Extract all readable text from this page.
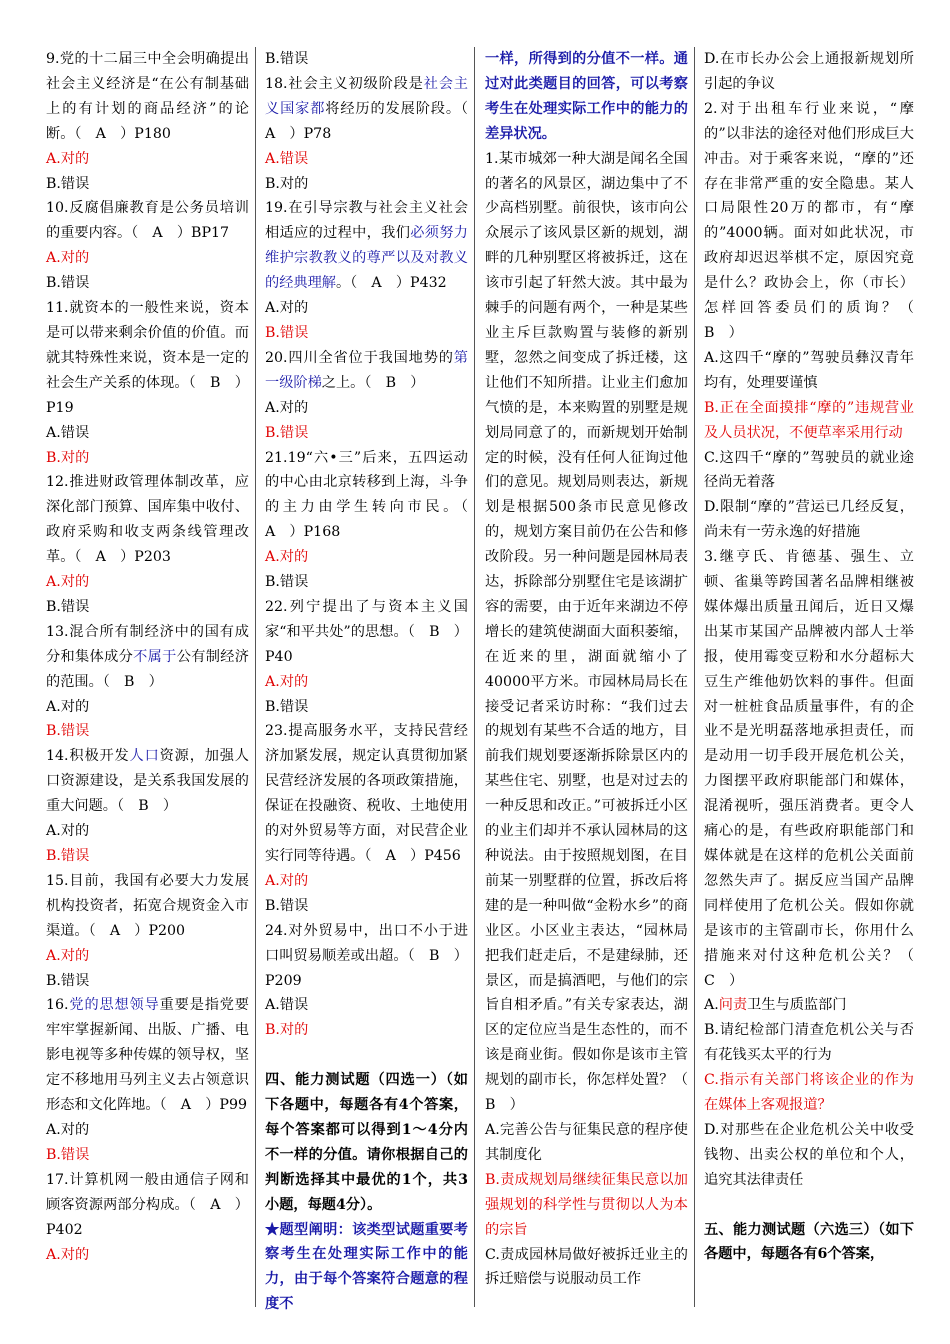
9.党的十二届三中全会明确提出社会主义经济是“在公有制基础上的有计划的商品经济”的论断。（　A　）P180

A.对的

B.错误

10.反腐倡廉教育是公务员培训的重要内容。（　A　）BP17

A.对的

B.错误

11.就资本的一般性来说，资本是可以带来剩余价值的价值。而就其特殊性来说，资本是一定的社会生产关系的体现。（　B　）P19

A.错误

B.对的

12.推进财政管理体制改革，应深化部门预算、国库集中收付、政府采购和收支两条线管理改革。（　A　）P203

A.对的

B.错误

13.混合所有制经济中的国有成分和集体成分不属于公有制经济的范围。（　B　）

A.对的

B.错误

14.积极开发人口资源，加强人口资源建设，是关系我国发展的重大问题。（　B　）

A.对的

B.错误

15.目前，我国有必要大力发展机构投资者，拓宽合规资金入市渠道。（　A　）P200

A.对的

B.错误

16.党的思想领导重要是指党要牢牢掌握新闻、出版、广播、电影电视等多种传媒的领导权，坚定不移地用马列主义去占领意识形态和文化阵地。（　A　）P99

A.对的

B.错误

17.计算机网一般由通信子网和顾客资源两部分构成。（　A　）P402

A.对的

B.错误

18.社会主义初级阶段是社会主义国家都将经历的发展阶段。（　A　）P78

A.错误

B.对的

19.在引导宗教与社会主义社会相适应的过程中，我们必须努力维护宗教教义的尊严以及对教义的经典理解。（　A　）P432

A.对的

B.错误

20.四川全省位于我国地势的第一级阶梯之上。（　B　）

A.对的

B.错误

21.19“六•三”后来，五四运动的中心由北京转移到上海，斗争的主力由学生转向市民。（　A　）P168

A.对的

B.错误

22.列宁提出了与资本主义国家“和平共处”的思想。（　B　）P40

A.对的

B.错误

23.提高服务水平，支持民营经济加紧发展，规定认真贯彻加紧民营经济发展的各项政策措施，保证在投融资、税收、土地使用的对外贸易等方面，对民营企业实行同等待遇。（　A　）P456

A.对的

B.错误

24.对外贸易中，出口不小于进口叫贸易顺差或出超。（　B　）P209

A.错误

B.对的

四、能力测试题（四选一）（如下各题中，每题各有4个答案，每个答案都可以得到1～4分内不一样的分值。请你根据自己的判断选择其中最优的1个，共3小题，每题4分）。

★题型阐明：该类型试题重要考察考生在处理实际工作中的能力，由于每个答案符合题意的程度不

一样，所得到的分值不一样。通过对此类题目的回答，可以考察考生在处理实际工作中的能力的差异状况。

1.某市城郊一种大湖是闻名全国的著名的风景区，湖边集中了不少高档别墅。前很快，该市向公众展示了该风景区新的规划，湖畔的几种别墅区将被拆迁，这在该市引起了轩然大波。其中最为棘手的问题有两个，一种是某些业主斥巨款购置与装修的新别墅，忽然之间变成了拆迁楼，这让他们不知所措。让业主们愈加气愤的是，本来购置的别墅是规划局同意了的，而新规划开始制定的时候，没有任何人征询过他们的意见。规划局则表达，新规划是根据500条市民意见修改的，规划方案目前仍在公告和修改阶段。另一种问题是园林局表达，拆除部分别墅住宅是该湖扩容的需要，由于近年来湖边不停增长的建筑使湖面大面积萎缩，在近来的里，湖面就缩小了40000平方米。市园林局局长在接受记者采访时称：“我们过去的规划有某些不合适的地方，目前我们规划要逐渐拆除景区内的某些住宅、别墅，也是对过去的一种反思和改正。”可被拆迁小区的业主们却并不承认园林局的这种说法。由于按照规划图，在目前某一别墅群的位置，拆改后将建的是一种叫做“金粉水乡”的商业区。小区业主表达，“园林局把我们赶走后，不是建绿肺，还景区，而是搞酒吧，与他们的宗旨自相矛盾。”有关专家表达，湖区的定位应当是生态性的，而不该是商业街。假如你是该市主管规划的副市长，你怎样处置？（　B　）

A.完善公告与征集民意的程序使其制度化

B.责成规划局继续征集民意以加强规划的科学性与贯彻以人为本的宗旨

C.责成园林局做好被拆迁业主的拆迁赔偿与说服动员工作

D.在市长办公会上通报新规划所引起的争议

2.对于出租车行业来说，“摩的”以非法的途径对他们形成巨大冲击。对于乘客来说，“摩的”还存在非常严重的安全隐患。某人口局限性20万的都市，有“摩的”4000辆。面对如此状况，市政府却迟迟举棋不定，原因究竟是什么？政协会上，你（市长）怎样回答委员们的质询？（　B　）

A.这四千“摩的”驾驶员彝汉青年均有，处理要谨慎

B.正在全面摸排“摩的”违规营业及人员状况，不便草率采用行动

C.这四千“摩的”驾驶员的就业途径尚无着落

D.限制“摩的”营运已几经反复，尚未有一劳永逸的好措施

3.继亨氏、肯德基、强生、立顿、雀巢等跨国著名品牌相继被媒体爆出质量丑闻后，近日又爆出某市某国产品牌被内部人士举报，使用霉变豆粉和水分超标大豆生产维他奶饮料的事件。但面对一桩桩食品质量事件，有的企业不是光明磊落地承担责任，而是动用一切手段开展危机公关，力图摆平政府职能部门和媒体，混淆视听，强压消费者。更令人痛心的是，有些政府职能部门和媒体就是在这样的危机公关面前忽然失声了。据反应当国产品牌同样使用了危机公关。假如你就是该市的主管副市长，你用什么措施来对付这种危机公关？（　C　）

A.问责卫生与质监部门

B.请纪检部门清查危机公关与否有花钱买太平的行为

C.指示有关部门将该企业的作为在媒体上客观报道？

D.对那些在企业危机公关中收受钱物、出卖公权的单位和个人，追究其法律责任

五、能力测试题（六选三）（如下各题中，每题各有6个答案，
